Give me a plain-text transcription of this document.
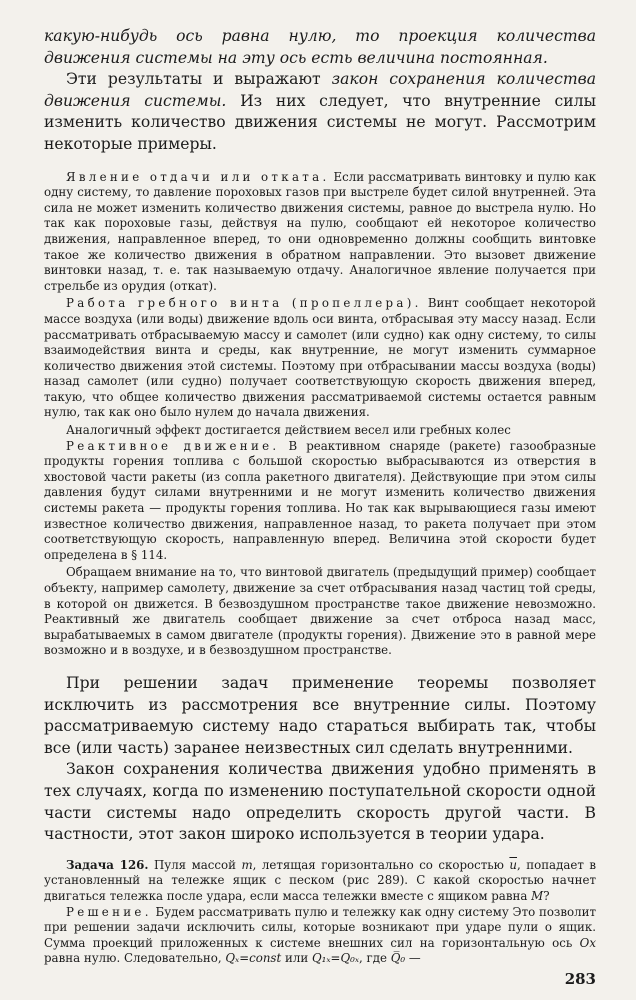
какую-нибудь ось равна нулю, то проекция количества движения системы на эту ось есть величина постоянная.

Эти результаты и выражают закон сохранения количества движения системы. Из них следует, что внутренние силы изменить количество движения системы не могут. Рассмотрим некоторые примеры.

Явление отдачи или отката. Если рассматривать винтовку и пулю как одну систему, то давление пороховых газов при выстреле будет силой внутренней. Эта сила не может изменить количество движения системы, равное до выстрела нулю. Но так как пороховые газы, действуя на пулю, сообщают ей некоторое количество движения, направленное вперед, то они одновременно должны сообщить винтовке такое же количество движения в обратном направлении. Это вызовет движение винтовки назад, т. е. так называемую отдачу. Аналогичное явление получается при стрельбе из орудия (откат).

Работа гребного винта (пропеллера). Винт сообщает некоторой массе воздуха (или воды) движение вдоль оси винта, отбрасывая эту массу назад. Если рассматривать отбрасываемую массу и самолет (или судно) как одну систему, то силы взаимодействия винта и среды, как внутренние, не могут изменить суммарное количество движения этой системы. Поэтому при отбрасывании массы воздуха (воды) назад самолет (или судно) получает соответствующую скорость движения вперед, такую, что общее количество движения рассматриваемой системы остается равным нулю, так как оно было нулем до начала движения.

Аналогичный эффект достигается действием весел или гребных колес

Реактивное движение. В реактивном снаряде (ракете) газообразные продукты горения топлива с большой скоростью выбрасываются из отверстия в хвостовой части ракеты (из сопла ракетного двигателя). Действующие при этом силы давления будут силами внутренними и не могут изменить количество движения системы ракета — продукты горения топлива. Но так как вырывающиеся газы имеют известное количество движения, направленное назад, то ракета получает при этом соответствующую скорость, направленную вперед. Величина этой скорости будет определена в § 114.

Обращаем внимание на то, что винтовой двигатель (предыдущий пример) сообщает объекту, например самолету, движение за счет отбрасывания назад частиц той среды, в которой он движется. В безвоздушном пространстве такое движение невозможно. Реактивный же двигатель сообщает движение за счет отброса назад масс, вырабатываемых в самом двигателе (продукты горения). Движение это в равной мере возможно и в воздухе, и в безвоздушном пространстве.

При решении задач применение теоремы позволяет исключить из рассмотрения все внутренние силы. Поэтому рассматриваемую систему надо стараться выбирать так, чтобы все (или часть) заранее неизвестных сил сделать внутренними.

Закон сохранения количества движения удобно применять в тех случаях, когда по изменению поступательной скорости одной части системы надо определить скорость другой части. В частности, этот закон широко используется в теории удара.

Задача 126. Пуля массой m, летящая горизонтально со скоростью $\overline{u}$, попадает в установленный на тележке ящик с песком (рис 289). С какой скоростью начнет двигаться тележка после удара, если масса тележки вместе с ящиком равна M?

Решение. Будем рассматривать пулю и тележку как одну систему Это позволит при решении задачи исключить силы, которые возникают при ударе пули о ящик. Сумма проекций приложенных к системе внешних сил на горизонтальную ось Ox равна нулю. Следовательно, Qₓ=const или Q₁ₓ=Q₀ₓ, где Q̅₀ —

283
